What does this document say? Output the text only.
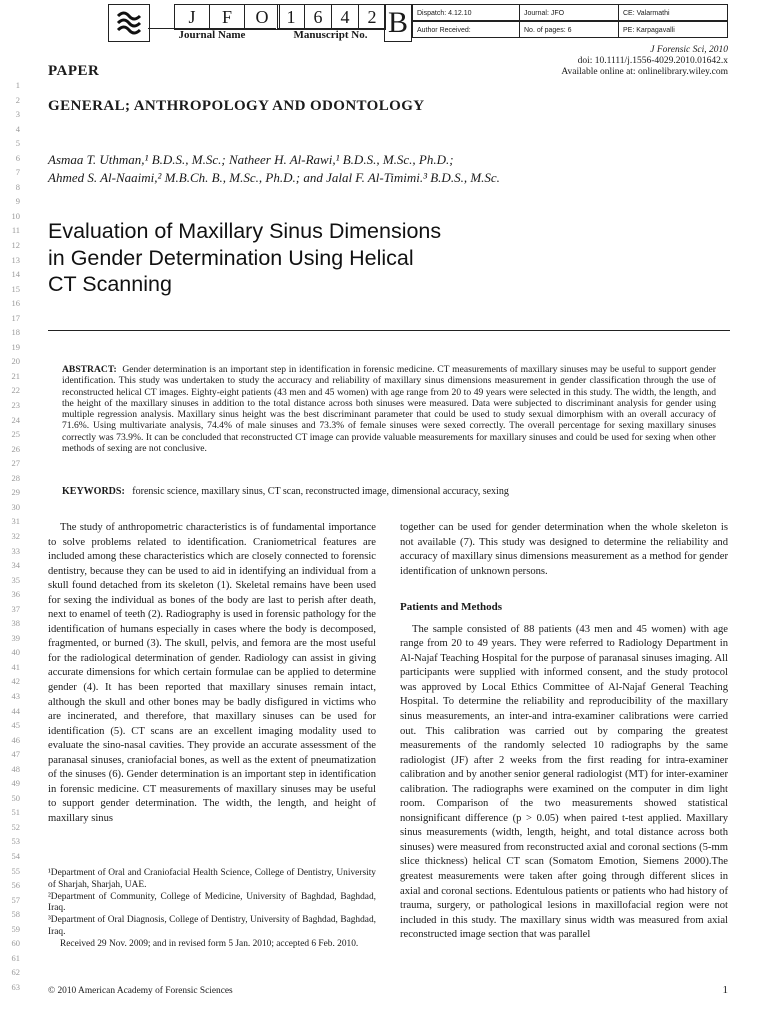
J	F	O
Journal Name
1	6	4	2
Manuscript No. B	Dispatch: 4.12.10	Journal: JFO	CE: Valarmathi
Author Received:	No. of pages: 6	PE: Karpagavalli
1
2
3
4
5
6
7
8
9
10
11
12
13
14
15
16
17
18
19
20
21
22
23
24
25
26
27
28
29
30
31
32
33
34
35
36
37
38
39
40
41
42
43
44
45
46
47
48
49
50
51
52
53
54
55
56
57
58
59
60
61
62
63
J Forensic Sci, 2010
doi: 10.1111/j.1556-4029.2010.01642.x
Available online at: onlinelibrary.wiley.com
PAPER
GENERAL; ANTHROPOLOGY AND ODONTOLOGY
Asmaa T. Uthman,¹ B.D.S., M.Sc.; Natheer H. Al-Rawi,¹ B.D.S., M.Sc., Ph.D.;
Ahmed S. Al-Naaimi,² M.B.Ch. B., M.Sc., Ph.D.; and Jalal F. Al-Timimi.³ B.D.S., M.Sc.
Evaluation of Maxillary Sinus Dimensions
in Gender Determination Using Helical
CT Scanning
ABSTRACT: Gender determination is an important step in identification in forensic medicine. CT measurements of maxillary sinuses may be useful to support gender identification. This study was undertaken to study the accuracy and reliability of maxillary sinus dimensions measurement in gender classification through the use of reconstructed helical CT images. Eighty-eight patients (43 men and 45 women) with age range from 20 to 49 years were selected in this study. The width, the length, and the height of the maxillary sinuses in addition to the total distance across both sinuses were measured. Data were subjected to discriminant analysis for gender using multiple regression analysis. Maxillary sinus height was the best discriminant parameter that could be used to study sexual dimorphism with an overall accuracy of 71.6%. Using multivariate analysis, 74.4% of male sinuses and 73.3% of female sinuses were sexed correctly. The overall percentage for sexing maxillary sinuses correctly was 73.9%. It can be concluded that reconstructed CT image can provide valuable measurements for maxillary sinuses and could be used for sexing when other methods of sexing are not conclusive.
KEYWORDS: forensic science, maxillary sinus, CT scan, reconstructed image, dimensional accuracy, sexing

The study of anthropometric characteristics is of fundamental importance to solve problems related to identification. Craniometrical features are included among these characteristics which are closely connected to forensic dentistry, because they can be used to aid in identifying an individual from a skull found detached from its skeleton (1). Skeletal remains have been used for sexing the individual as bones of the body are last to perish after death, next to enamel of teeth (2). Radiography is used in forensic pathology for the identification of humans especially in cases where the body is decomposed, fragmented, or burned (3). The skull, pelvis, and femora are the most useful for the radiological determination of gender. Radiology can assist in giving accurate dimensions for which certain formulae can be applied to determine gender (4). It has been reported that maxillary sinuses remain intact, although the skull and other bones may be badly disfigured in victims who are incinerated, and therefore, that maxillary sinuses can be used for identification (5). CT scans are an excellent imaging modality used to evaluate the sino-nasal cavities. They provide an accurate assessment of the paranasal sinuses, craniofacial bones, as well as the extent of pneumatization of the sinuses (6). Gender determination is an important step in identification in forensic medicine. CT measurements of maxillary sinuses may be useful to support gender determination. The width, the length, and height of maxillary sinus

together can be used for gender determination when the whole skeleton is not available (7). This study was designed to determine the reliability and accuracy of maxillary sinus dimensions measurement as a method for gender identification of unknown persons.

Patients and Methods

The sample consisted of 88 patients (43 men and 45 women) with age range from 20 to 49 years. They were referred to Radiology Department in Al-Najaf Teaching Hospital for the purpose of paranasal sinuses imaging. All participants were supplied with informed consent, and the study protocol was approved by Local Ethics Committee of Al-Najaf General Teaching Hospital. To determine the reliability and reproducibility of the maxillary sinus measurements, an inter-and intra-examiner calibrations were carried out. This calibration was carried out by comparing the greatest measurements of the randomly selected 10 radiographs by the same radiologist (JF) after 2 weeks from the first reading for intra-examiner calibration and by another senior general radiologist (MT) for inter-examiner calibration. The radiographs were examined on the computer in dim light room. Comparison of the two measurements showed statistical nonsignificant difference (p > 0.05) when paired t-test applied. Maxillary sinus measurements (width, length, height, and total distance across both sinuses) were measured from reconstructed axial and coronal sections (5-mm slice thickness) helical CT scan (Somatom Emotion, Siemens 2000).The greatest measurements were taken after going through different slices in axial and coronal sections. Edentulous patients or patients who had history of trauma, surgery, or pathological lesions in maxillofacial region were not included in this study. The maxillary sinus width was measured from axial reconstructed image section that was parallel

¹Department of Oral and Craniofacial Health Science, College of Dentistry, University of Sharjah, Sharjah, UAE.

²Department of Community, College of Medicine, University of Baghdad, Baghdad, Iraq.

³Department of Oral Diagnosis, College of Dentistry, University of Baghdad, Baghdad, Iraq.

Received 29 Nov. 2009; and in revised form 5 Jan. 2010; accepted 6 Feb. 2010.

© 2010 American Academy of Forensic Sciences	1
